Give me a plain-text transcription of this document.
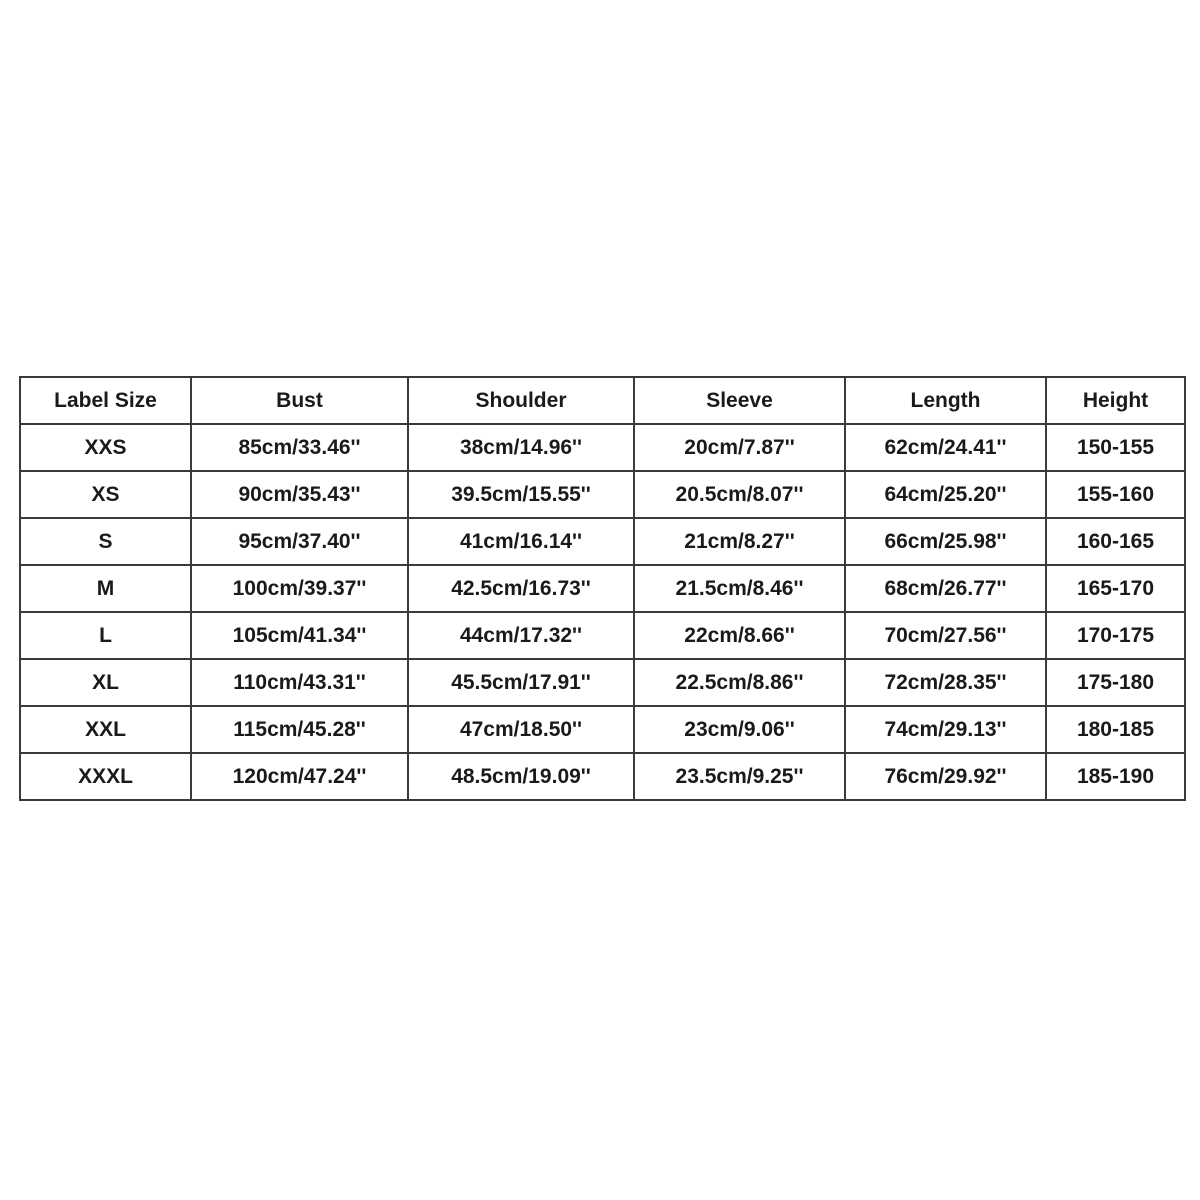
Label Size	Bust	Shoulder	Sleeve	Length	Height
XXS	85cm/33.46''	38cm/14.96''	20cm/7.87''	62cm/24.41''	150-155
XS	90cm/35.43''	39.5cm/15.55''	20.5cm/8.07''	64cm/25.20''	155-160
S	95cm/37.40''	41cm/16.14''	21cm/8.27''	66cm/25.98''	160-165
M	100cm/39.37''	42.5cm/16.73''	21.5cm/8.46''	68cm/26.77''	165-170
L	105cm/41.34''	44cm/17.32''	22cm/8.66''	70cm/27.56''	170-175
XL	110cm/43.31''	45.5cm/17.91''	22.5cm/8.86''	72cm/28.35''	175-180
XXL	115cm/45.28''	47cm/18.50''	23cm/9.06''	74cm/29.13''	180-185
XXXL	120cm/47.24''	48.5cm/19.09''	23.5cm/9.25''	76cm/29.92''	185-190
